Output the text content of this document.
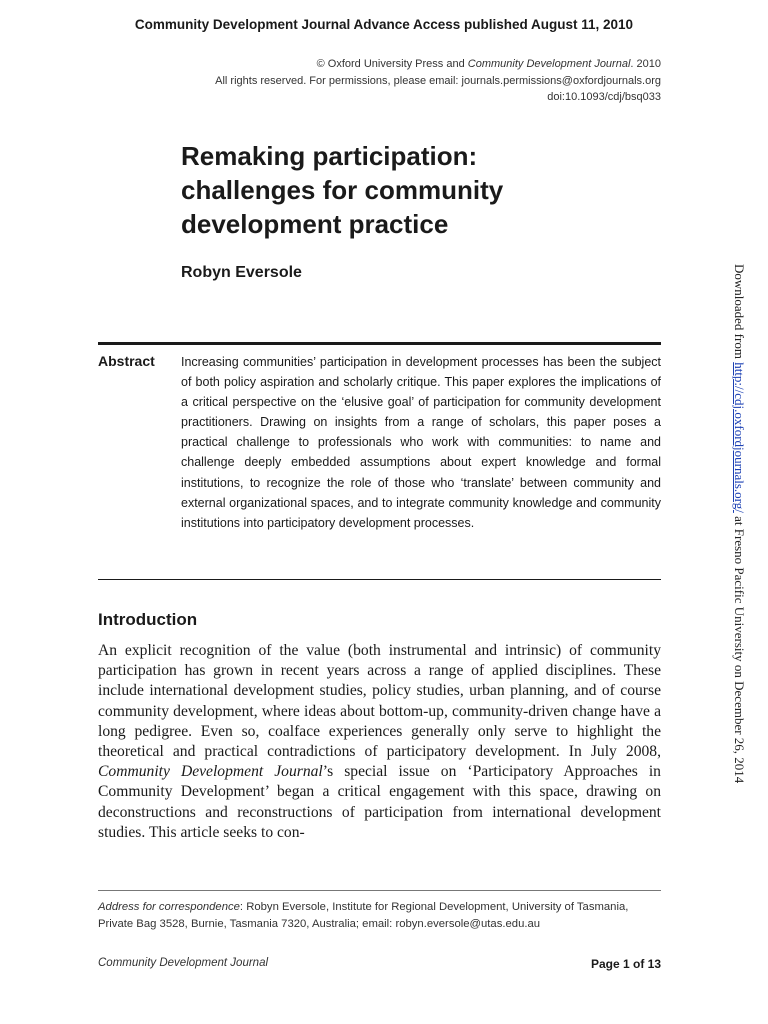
Community Development Journal Advance Access published August 11, 2010
© Oxford University Press and Community Development Journal. 2010
All rights reserved. For permissions, please email: journals.permissions@oxfordjournals.org
doi:10.1093/cdj/bsq033
Remaking participation:
challenges for community
development practice
Robyn Eversole
Abstract Increasing communities’ participation in development processes has been the subject of both policy aspiration and scholarly critique. This paper explores the implications of a critical perspective on the ‘elusive goal’ of participation for community development practitioners. Drawing on insights from a range of scholars, this paper poses a practical challenge to professionals who work with communities: to name and challenge deeply embedded assumptions about expert knowledge and formal institutions, to recognize the role of those who ‘translate’ between community and external organizational spaces, and to integrate community knowledge and community institutions into participatory development processes.
Introduction
An explicit recognition of the value (both instrumental and intrinsic) of community participation has grown in recent years across a range of applied disciplines. These include international development studies, policy studies, urban planning, and of course community development, where ideas about bottom-up, community-driven change have a long pedigree. Even so, coalface experiences generally only serve to highlight the theoretical and practical contradictions of participatory development. In July 2008, Community Development Journal’s special issue on ‘Participatory Approaches in Community Development’ began a critical engagement with this space, drawing on deconstructions and reconstructions of participation from international development studies. This article seeks to con-
Address for correspondence: Robyn Eversole, Institute for Regional Development, University of Tasmania, Private Bag 3528, Burnie, Tasmania 7320, Australia; email: robyn.eversole@utas.edu.au
Community Development Journal	Page 1 of 13
Downloaded from http://cdj.oxfordjournals.org/ at Fresno Pacific University on December 26, 2014
